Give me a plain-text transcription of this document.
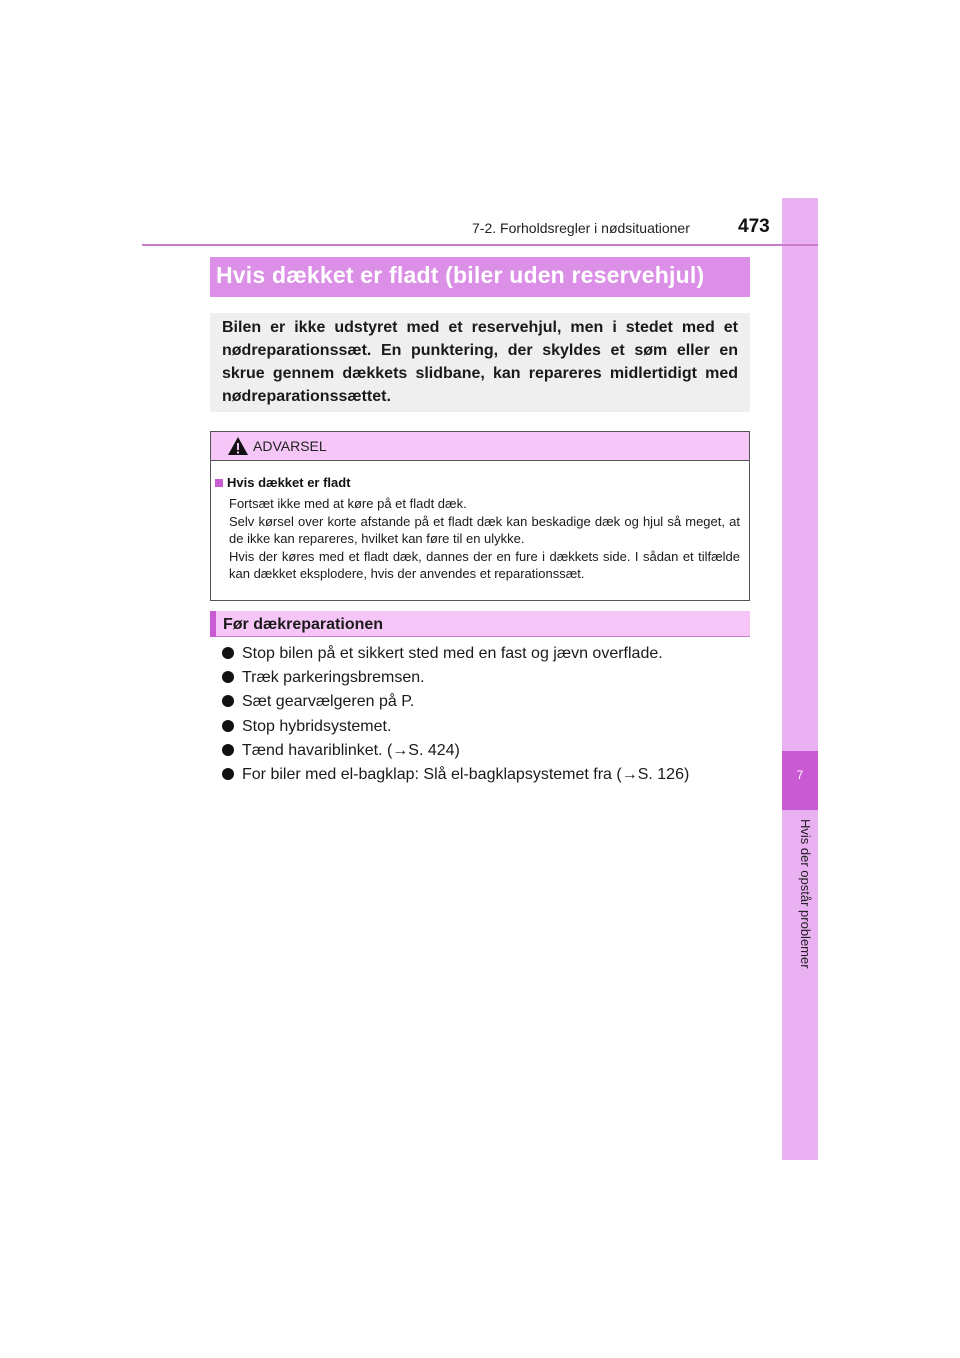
7
Hvis der opstår problemer
7-2. Forholdsregler i nødsituationer	473
Hvis dækket er fladt (biler uden reservehjul)
Bilen er ikke udstyret med et reservehjul, men i stedet med et nødreparationssæt. En punktering, der skyldes et søm eller en skrue gennem dækkets slidbane, kan repareres midlertidigt med nødreparationssættet.
ADVARSEL
Hvis dækket er fladt

Fortsæt ikke med at køre på et fladt dæk.

Selv kørsel over korte afstande på et fladt dæk kan beskadige dæk og hjul så meget, at de ikke kan repareres, hvilket kan føre til en ulykke.

Hvis der køres med et fladt dæk, dannes der en fure i dækkets side. I sådan et tilfælde kan dækket eksplodere, hvis der anvendes et reparationssæt.

Før dækreparationen
Stop bilen på et sikkert sted med en fast og jævn overflade.
Træk parkeringsbremsen.
Sæt gearvælgeren på P.
Stop hybridsystemet.
Tænd havariblinket. (→S. 424)
For biler med el-bagklap: Slå el-bagklapsystemet fra (→S. 126)
